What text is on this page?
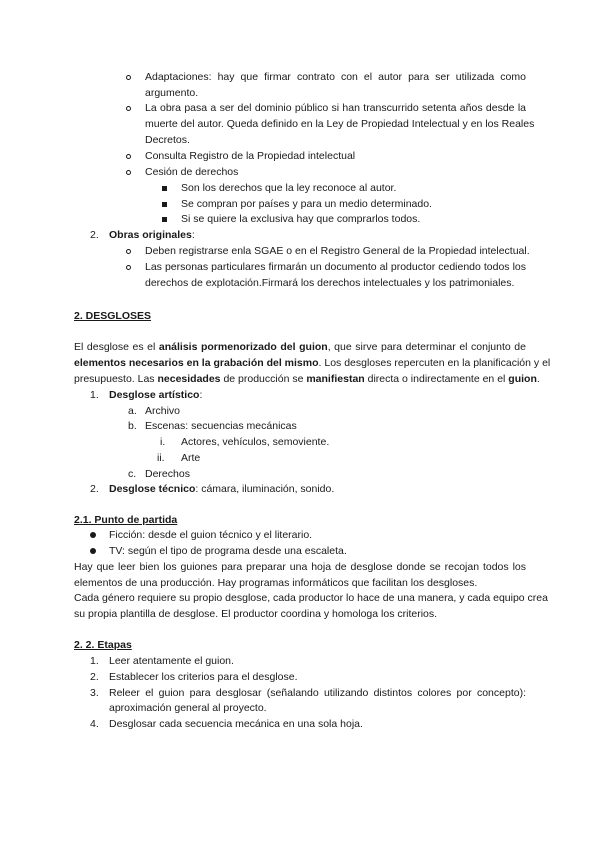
Adaptaciones: hay que firmar contrato con el autor para ser utilizada como
argumento.
La obra pasa a ser del dominio público si han transcurrido setenta años desde la
muerte del autor. Queda definido en la Ley de Propiedad Intelectual y en los Reales
Decretos.
Consulta Registro de la Propiedad intelectual
Cesión de derechos
Son los derechos que la ley reconoce al autor.
Se compran por países y para un medio determinado.
Si se quiere la exclusiva hay que comprarlos todos.
2. Obras originales:
Deben registrarse enla SGAE o en el Registro General de la Propiedad intelectual.
Las personas particulares firmarán un documento al productor cediendo todos los
derechos de explotación.Firmará los derechos intelectuales y los patrimoniales.
2. DESGLOSES
El desglose es el análisis pormenorizado del guion, que sirve para determinar el conjunto de
elementos necesarios en la grabación del mismo. Los desgloses repercuten en la planificación y el
presupuesto. Las necesidades de producción se manifiestan directa o indirectamente en el guion.
1. Desglose artístico:
a. Archivo
b. Escenas: secuencias mecánicas
i. Actores, vehículos, semoviente.
ii. Arte
c. Derechos
2. Desglose técnico: cámara, iluminación, sonido.
2.1. Punto de partida
Ficción: desde el guion técnico y el literario.
TV: según el tipo de programa desde una escaleta.
Hay que leer bien los guiones para preparar una hoja de desglose donde se recojan todos los
elementos de una producción. Hay programas informáticos que facilitan los desgloses.
Cada género requiere su propio desglose, cada productor lo hace de una manera, y cada equipo crea
su propia plantilla de desglose. El productor coordina y homologa los criterios.
2. 2. Etapas
1. Leer atentamente el guion.
2. Establecer los criterios para el desglose.
3. Releer el guion para desglosar (señalando utilizando distintos colores por concepto):
aproximación general al proyecto.
4. Desglosar cada secuencia mecánica en una sola hoja.
